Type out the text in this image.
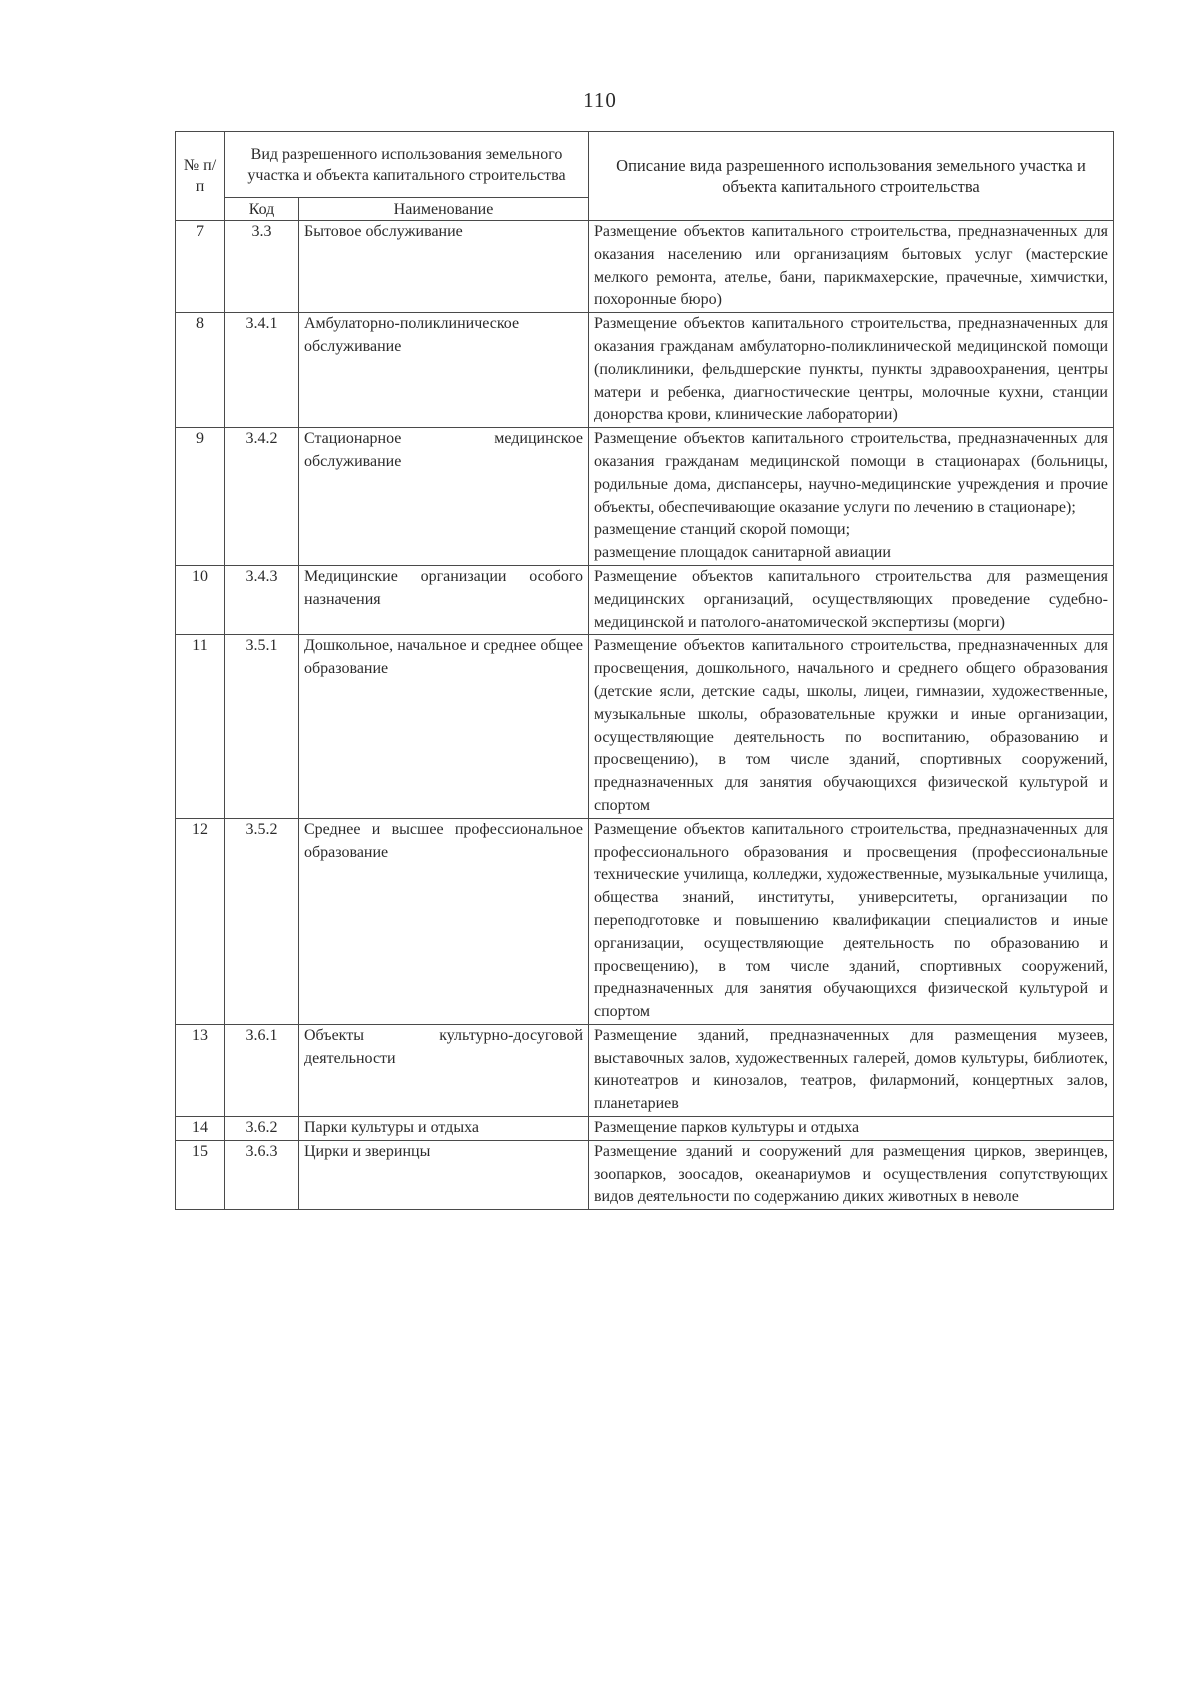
110
№ п/п	Вид разрешенного использования земельного участка и объекта капитального строительства		Описание вида разрешенного использования земельного участка и объекта капитального строительства
	Код	Наименование	
7	3.3	Бытовое обслуживание	Размещение объектов капитального строительства, предназначенных для оказания населению или организациям бытовых услуг (мастерские мелкого ремонта, ателье, бани, парикмахерские, прачечные, химчистки, похоронные бюро)

8	3.4.1	Амбулаторно-поликлиническое обслуживание	Размещение объектов капитального строительства, предназначенных для оказания гражданам амбулаторно-поликлинической медицинской помощи (поликлиники, фельдшерские пункты, пункты здравоохранения, центры матери и ребенка, диагностические центры, молочные кухни, станции донорства крови, клинические лаборатории)

9	3.4.2	Стационарное медицинское обслуживание	Размещение объектов капитального строительства, предназначенных для оказания гражданам медицинской помощи в стационарах (больницы, родильные дома, диспансеры, научно-медицинские учреждения и прочие объекты, обеспечивающие оказание услуги по лечению в стационаре);
размещение станций скорой помощи;
размещение площадок санитарной авиации

10	3.4.3	Медицинские организации особого назначения	Размещение объектов капитального строительства для размещения медицинских организаций, осуществляющих проведение судебно-медицинской и патолого-анатомической экспертизы (морги)

11	3.5.1	Дошкольное, начальное и среднее общее образование	Размещение объектов капитального строительства, предназначенных для просвещения, дошкольного, начального и среднего общего образования (детские ясли, детские сады, школы, лицеи, гимназии, художественные, музыкальные школы, образовательные кружки и иные организации, осуществляющие деятельность по воспитанию, образованию и просвещению), в том числе зданий, спортивных сооружений, предназначенных для занятия обучающихся физической культурой и спортом

12	3.5.2	Среднее и высшее профессиональное образование	Размещение объектов капитального строительства, предназначенных для профессионального образования и просвещения (профессиональные технические училища, колледжи, художественные, музыкальные училища, общества знаний, институты, университеты, организации по переподготовке и повышению квалификации специалистов и иные организации, осуществляющие деятельность по образованию и просвещению), в том числе зданий, спортивных сооружений, предназначенных для занятия обучающихся физической культурой и спортом

13	3.6.1	Объекты культурно-досуговой деятельности	Размещение зданий, предназначенных для размещения музеев, выставочных залов, художественных галерей, домов культуры, библиотек, кинотеатров и кинозалов, театров, филармоний, концертных залов, планетариев

14	3.6.2	Парки культуры и отдыха	Размещение парков культуры и отдыха

15	3.6.3	Цирки и зверинцы	Размещение зданий и сооружений для размещения цирков, зверинцев, зоопарков, зоосадов, океанариумов и осуществления сопутствующих видов деятельности по содержанию диких животных в неволе
